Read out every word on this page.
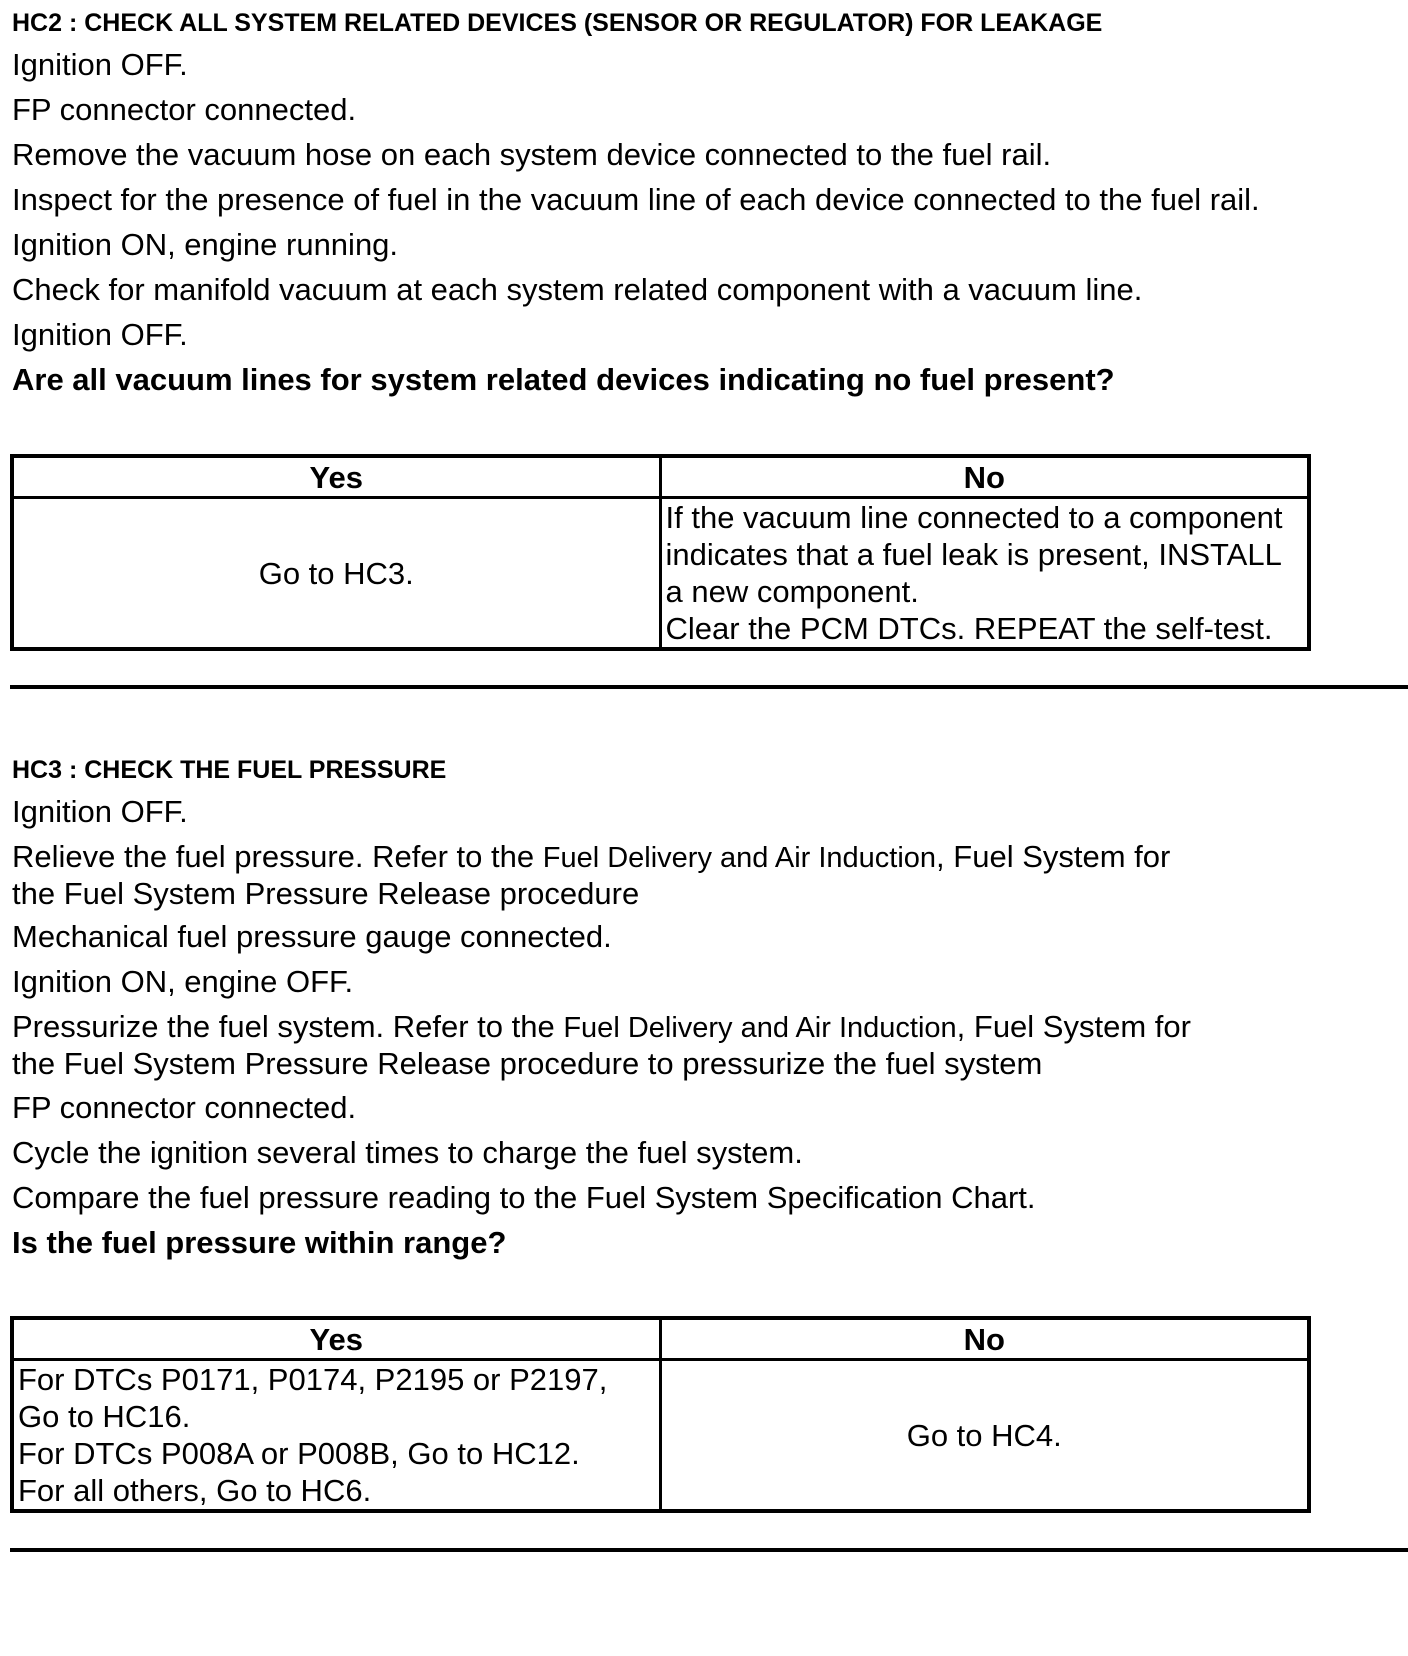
HC2 : CHECK ALL SYSTEM RELATED DEVICES (SENSOR OR REGULATOR) FOR LEAKAGE
Ignition OFF.
FP connector connected.
Remove the vacuum hose on each system device connected to the fuel rail.
Inspect for the presence of fuel in the vacuum line of each device connected to the fuel rail.
Ignition ON, engine running.
Check for manifold vacuum at each system related component with a vacuum line.
Ignition OFF.
Are all vacuum lines for system related devices indicating no fuel present?
Yes	No
Go to HC3.	If the vacuum line connected to a component
indicates that a fuel leak is present, INSTALL
a new component.
Clear the PCM DTCs. REPEAT the self-test.
HC3 : CHECK THE FUEL PRESSURE
Ignition OFF.
Relieve the fuel pressure. Refer to the Fuel Delivery and Air Induction, Fuel System for
the Fuel System Pressure Release procedure
Mechanical fuel pressure gauge connected.
Ignition ON, engine OFF.
Pressurize the fuel system. Refer to the Fuel Delivery and Air Induction, Fuel System for
the Fuel System Pressure Release procedure to pressurize the fuel system
FP connector connected.
Cycle the ignition several times to charge the fuel system.
Compare the fuel pressure reading to the Fuel System Specification Chart.
Is the fuel pressure within range?
Yes	No

For DTCs P0171, P0174, P2195 or P2197,
Go to HC16.
For DTCs P008A or P008B, Go to HC12.
For all others, Go to HC6.	Go to HC4.
